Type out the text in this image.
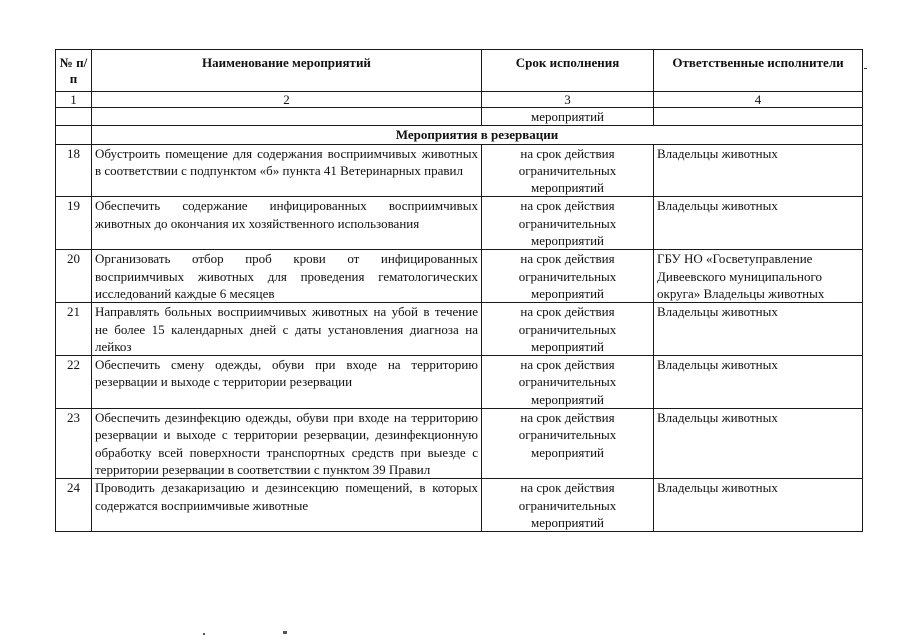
№ п/п	Наименование мероприятий	Срок исполнения	Ответственные исполнители
1	2	3	4
		мероприятий	
	Мероприятия в резервации		
18	Обустроить помещение для содержания восприимчивых животных в соответствии с подпунктом «б» пункта 41 Ветеринарных правил	на срок действия ограничительных мероприятий	Владельцы животных
19	Обеспечить содержание инфицированных восприимчивых животных до окончания их хозяйственного использования	на срок действия ограничительных мероприятий	Владельцы животных
20	Организовать отбор проб крови от инфицированных восприимчивых животных для проведения гематологических исследований каждые 6 месяцев	на срок действия ограничительных мероприятий	ГБУ НО «Госветуправление Дивеевского муниципального округа» Владельцы животных
21	Направлять больных восприимчивых животных на убой в течение не более 15 календарных дней с даты установления диагноза на лейкоз	на срок действия ограничительных мероприятий	Владельцы животных
22	Обеспечить смену одежды, обуви при входе на территорию резервации и выходе с территории резервации	на срок действия ограничительных мероприятий	Владельцы животных
23	Обеспечить дезинфекцию одежды, обуви при входе на территорию резервации и выходе с территории резервации, дезинфекционную обработку всей поверхности транспортных средств при выезде с территории резервации в соответствии с пунктом 39 Правил	на срок действия ограничительных мероприятий	Владельцы животных
24	Проводить дезакаризацию и дезинсекцию помещений, в которых содержатся восприимчивые животные	на срок действия ограничительных мероприятий	Владельцы животных
